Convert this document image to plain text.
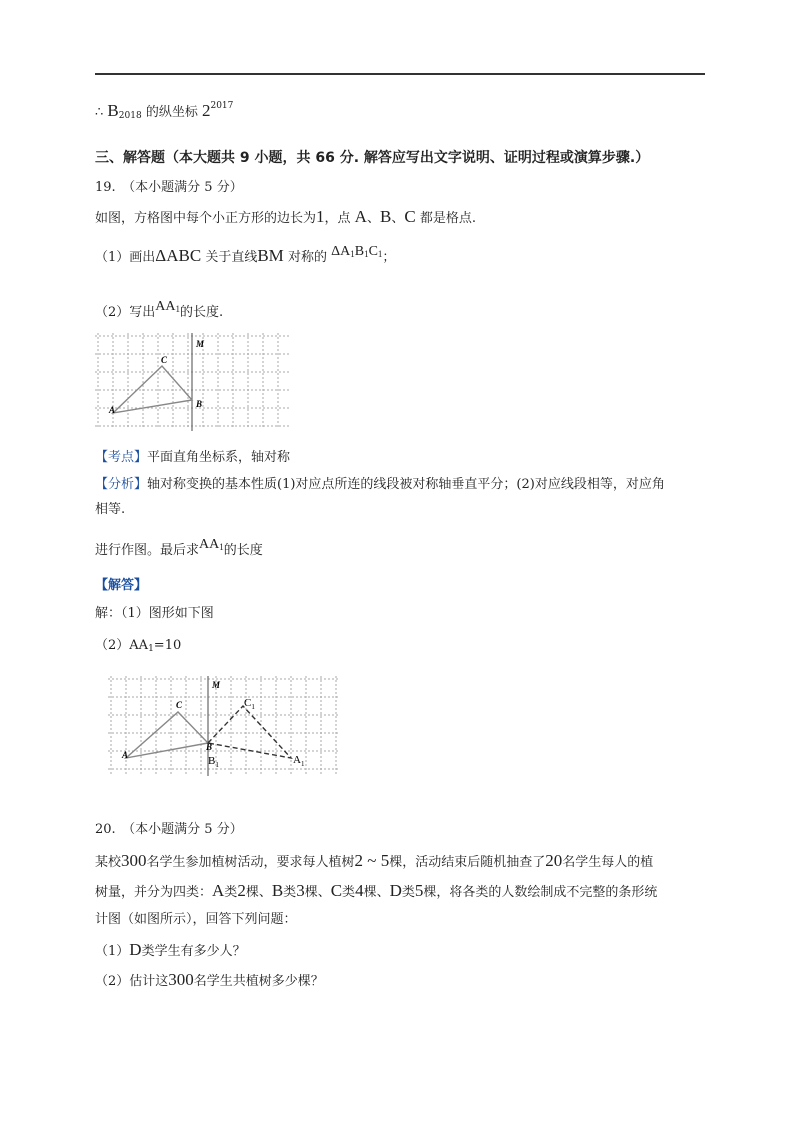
∴ $B_{2018}$ 的纵坐标 $2^{2017}$
三、解答题（本大题共 9 小题，共 66 分. 解答应写出文字说明、证明过程或演算步骤.）
19.　（本小题满分 5 分）
如图，方格图中每个小正方形的边长为1，点 A、B、C 都是格点.
（1）画出ΔABC 关于直线BM 对称的 $\Delta A_1B_1C_1$；
（2）写出$AA_1$的长度.
M
C
A
B
【考点】平面直角坐标系，轴对称
【分析】轴对称变换的基本性质(1)对应点所连的线段被对称轴垂直平分；(2)对应线段相等，对应角
相等.
进行作图。最后求$AA_1$的长度
【解答】
解：（1）图形如下图
$(2)AA_1=10$
M
C
A
B
$C_1$
$A_1$
$B_1$
20.　（本小题满分 5 分）
某校300名学生参加植树活动，要求每人植树2 ~ 5棵，活动结束后随机抽查了20名学生每人的植
树量，并分为四类：A类2棵、B类3棵、C类4棵、D类5棵，将各类的人数绘制成不完整的条形统
计图（如图所示），回答下列问题：
（1）D类学生有多少人？
（2）估计这300名学生共植树多少棵？
